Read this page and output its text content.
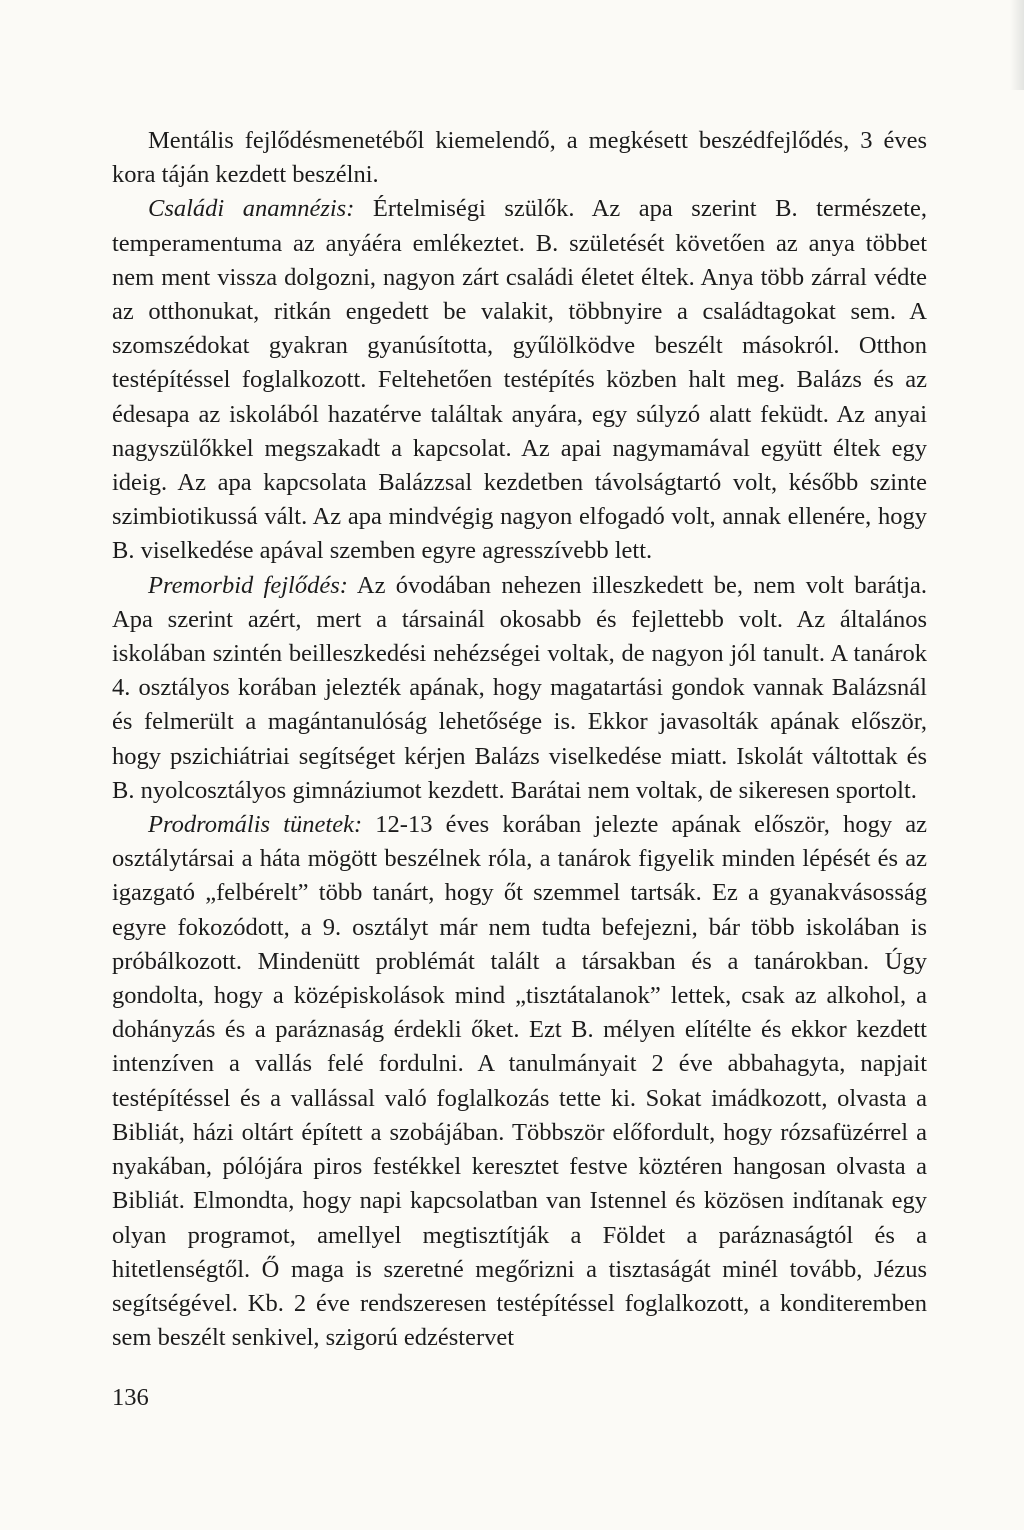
Mentális fejlődésmenetéből kiemelendő, a megkésett beszédfejlődés, 3 éves kora táján kezdett beszélni.

Családi anamnézis: Értelmiségi szülők. Az apa szerint B. természete, temperamentuma az anyáéra emlékeztet. B. születését követően az anya többet nem ment vissza dolgozni, nagyon zárt családi életet éltek. Anya több zárral védte az otthonukat, ritkán engedett be valakit, többnyire a családtagokat sem. A szomszédokat gyakran gyanúsította, gyűlölködve beszélt másokról. Otthon testépítéssel foglalkozott. Feltehetően testépítés közben halt meg. Balázs és az édesapa az iskolából hazatérve találtak anyára, egy súlyzó alatt feküdt. Az anyai nagyszülőkkel megszakadt a kapcsolat. Az apai nagymamával együtt éltek egy ideig. Az apa kapcsolata Balázzsal kezdetben távolságtartó volt, később szinte szimbiotikussá vált. Az apa mindvégig nagyon elfogadó volt, annak ellenére, hogy B. viselkedése apával szemben egyre agresszívebb lett.

Premorbid fejlődés: Az óvodában nehezen illeszkedett be, nem volt barátja. Apa szerint azért, mert a társainál okosabb és fejlettebb volt. Az általános iskolában szintén beilleszkedési nehézségei voltak, de nagyon jól tanult. A tanárok 4. osztályos korában jelezték apának, hogy magatartási gondok vannak Balázsnál és felmerült a magántanulóság lehetősége is. Ekkor javasolták apának először, hogy pszichiátriai segítséget kérjen Balázs viselkedése miatt. Iskolát váltottak és B. nyolcosztályos gimnáziumot kezdett. Barátai nem voltak, de sikeresen sportolt.

Prodromális tünetek: 12-13 éves korában jelezte apának először, hogy az osztálytársai a háta mögött beszélnek róla, a tanárok figyelik minden lépését és az igazgató „felbérelt” több tanárt, hogy őt szemmel tartsák. Ez a gyanakvásosság egyre fokozódott, a 9. osztályt már nem tudta befejezni, bár több iskolában is próbálkozott. Mindenütt problémát talált a társakban és a tanárokban. Úgy gondolta, hogy a középiskolások mind „tisztátalanok” lettek, csak az alkohol, a dohányzás és a paráznaság érdekli őket. Ezt B. mélyen elítélte és ekkor kezdett intenzíven a vallás felé fordulni. A tanulmányait 2 éve abbahagyta, napjait testépítéssel és a vallással való foglalkozás tette ki. Sokat imádkozott, olvasta a Bibliát, házi oltárt épített a szobájában. Többször előfordult, hogy rózsafüzérrel a nyakában, pólójára piros festékkel keresztet festve köztéren hangosan olvasta a Bibliát. Elmondta, hogy napi kapcsolatban van Istennel és közösen indítanak egy olyan programot, amellyel megtisztítják a Földet a paráznaságtól és a hitetlenségtől. Ő maga is szeretné megőrizni a tisztaságát minél tovább, Jézus segítségével. Kb. 2 éve rendszeresen testépítéssel foglalkozott, a konditeremben sem beszélt senkivel, szigorú edzéstervet

136
